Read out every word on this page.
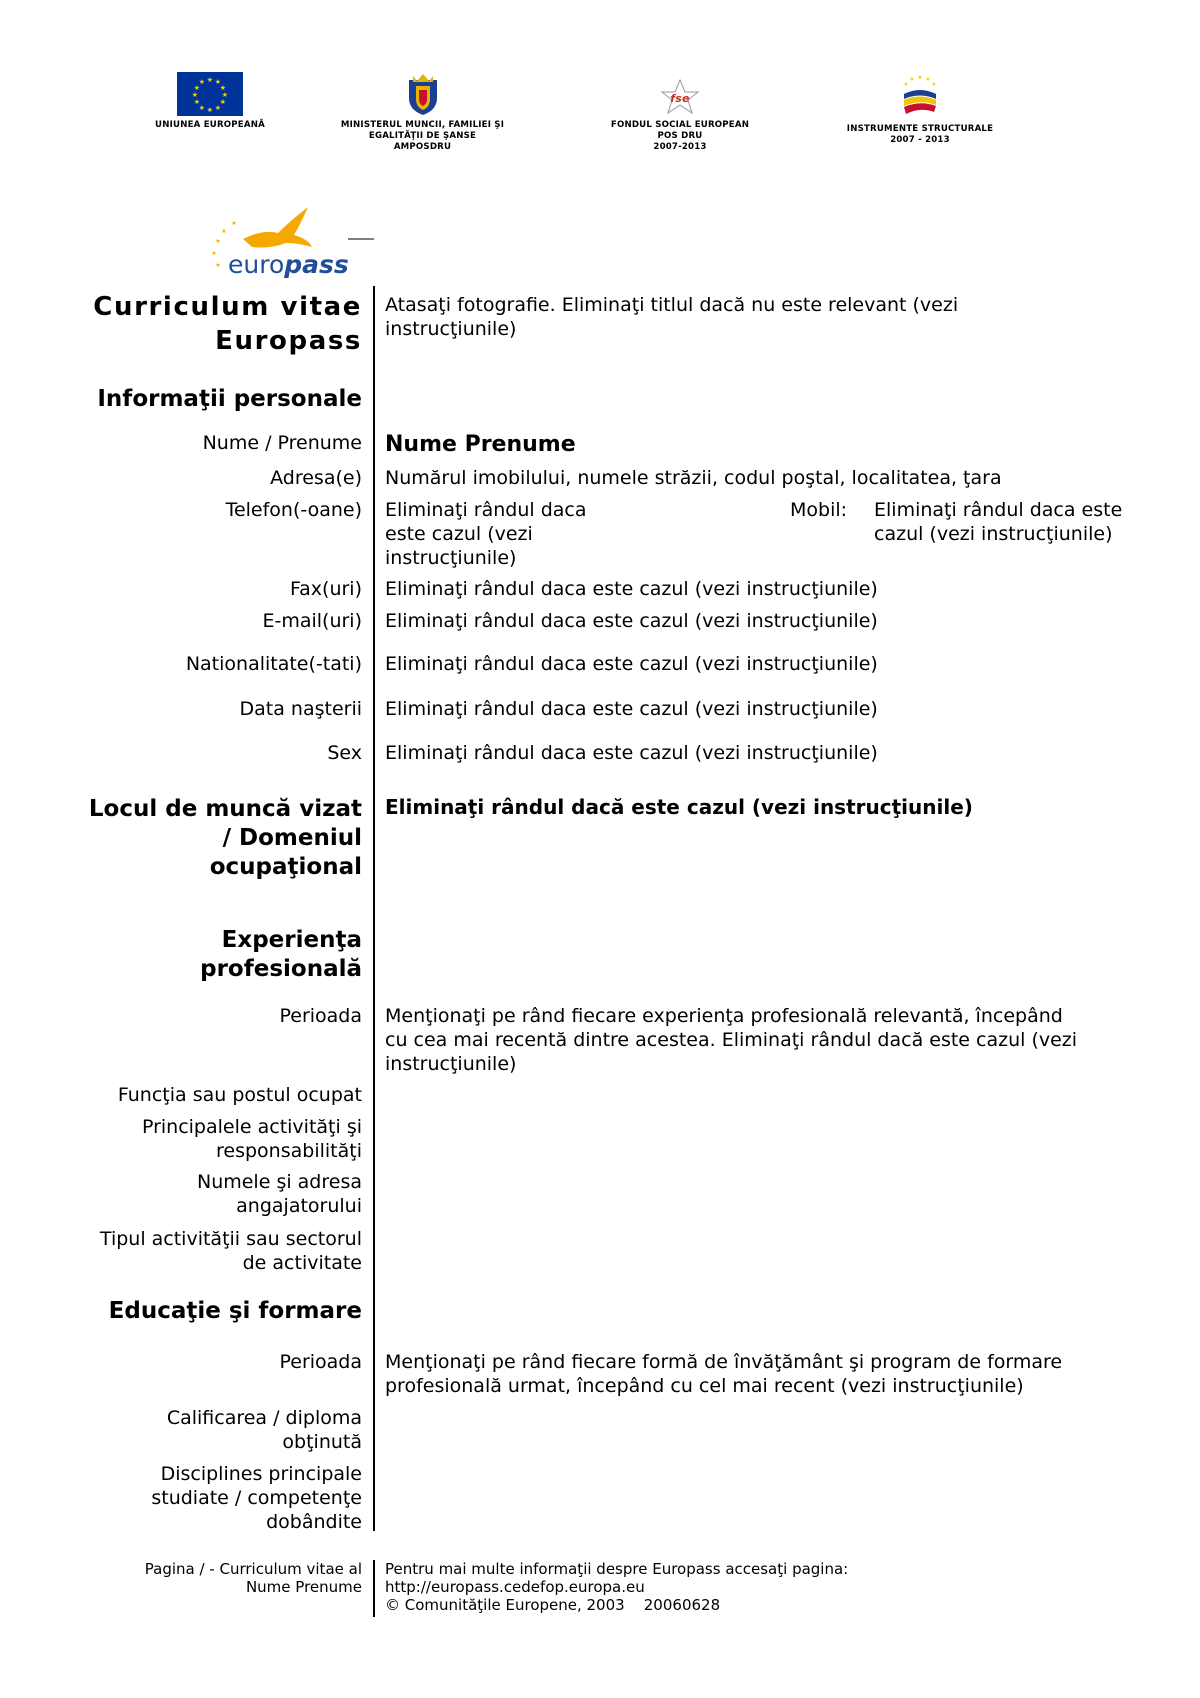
★ ★
★
★
★
★
★
★
★
★
★
★
UNIUNEA EUROPEANĂ	MINISTERUL MUNCII, FAMILIEI ŞI
EGALITĂŢII DE ŞANSE
AMPOSDRU
fse
FONDUL SOCIAL EUROPEAN
POS DRU
2007-2013
★ ★
★
★
★
INSTRUMENTE STRUCTURALE
2007 - 2013
★
★
★
★
★
europass
Curriculum vitae
Europass
Atasaţi fotografie. Eliminaţi titlul dacă nu este relevant (vezi
instrucţiunile)
Informaţii personale
Nume / Prenume Nume Prenume
Adresa(e) Numărul imobilului, numele străzii, codul poştal, localitatea, ţara
Telefon(-oane) Eliminaţi rândul daca
este cazul (vezi
instrucţiunile)
Mobil: Eliminaţi rândul daca este
cazul (vezi instrucţiunile)
Fax(uri) Eliminaţi rândul daca este cazul (vezi instrucţiunile)
E-mail(uri) Eliminaţi rândul daca este cazul (vezi instrucţiunile)
Nationalitate(-tati) Eliminaţi rândul daca este cazul (vezi instrucţiunile)
Data naşterii Eliminaţi rândul daca este cazul (vezi instrucţiunile)
Sex Eliminaţi rândul daca este cazul (vezi instrucţiunile)
Locul de muncă vizat
/ Domeniul
ocupaţional
Eliminaţi rândul dacă este cazul (vezi instrucţiunile)
Experienţa
profesională
Perioada Menţionaţi pe rând fiecare experienţa profesională relevantă, începând
cu cea mai recentă dintre acestea. Eliminaţi rândul dacă este cazul (vezi
instrucţiunile)
Funcţia sau postul ocupat
Principalele activităţi şi
responsabilităţi
Numele şi adresa
angajatorului
Tipul activităţii sau sectorul
de activitate
Educaţie şi formare
Perioada Menţionaţi pe rând fiecare formă de învăţământ şi program de formare
profesională urmat, începând cu cel mai recent (vezi instrucţiunile)
Calificarea / diploma
obţinută
Disciplines principale
studiate / competenţe
dobândite
Pagina / - Curriculum vitae al
Nume Prenume
Pentru mai multe informaţii despre Europass accesaţi pagina:
http://europass.cedefop.europa.eu
© Comunităţile Europene, 2003    20060628
